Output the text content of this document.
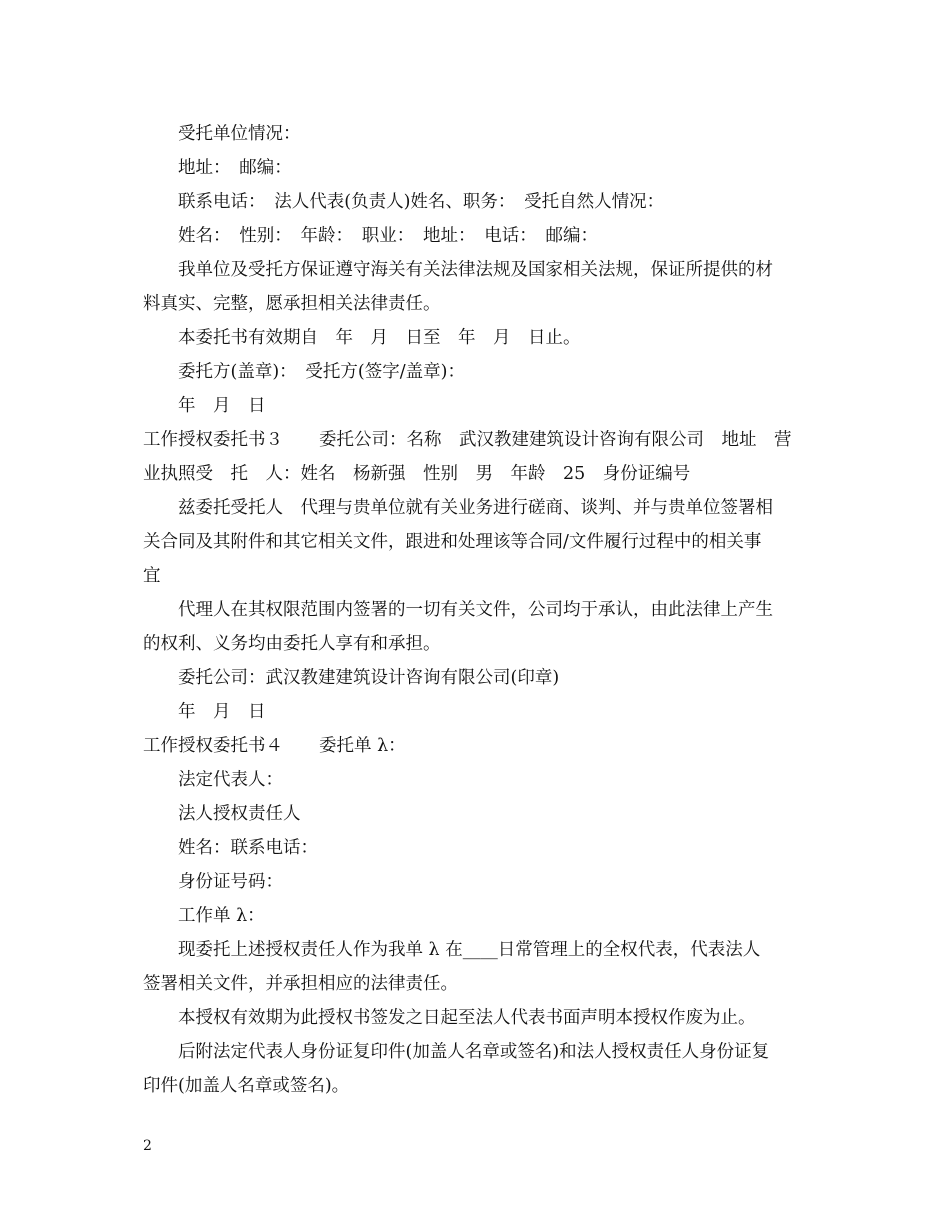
受托单位情况：
地址：　邮编：
联系电话：　法人代表(负责人)姓名、职务：　受托自然人情况：
姓名：　性别：　年龄：　职业：　地址：　电话：　邮编：
我单位及受托方保证遵守海关有关法律法规及国家相关法规，保证所提供的材
料真实、完整，愿承担相关法律责任。
本委托书有效期自　年　月　日至　年　月　日止。
委托方(盖章)：　受托方(签字/盖章)：
年　月　日
工作授权委托书３ 委托公司：名称　武汉教建建筑设计咨询有限公司　地址　营
业执照受　托　人：姓名　杨新强　性别　男　年龄　25　身份证编号
兹委托受托人　代理与贵单位就有关业务进行磋商、谈判、并与贵单位签署相
关合同及其附件和其它相关文件，跟进和处理该等合同/文件履行过程中的相关事
宜
代理人在其权限范围内签署的一切有关文件，公司均于承认，由此法律上产生
的权利、义务均由委托人享有和承担。
委托公司：武汉教建建筑设计咨询有限公司(印章)
年　月　日
工作授权委托书４ 委托单 λ：
法定代表人：
法人授权责任人
姓名：联系电话：
身份证号码：
工作单 λ：
现委托上述授权责任人作为我单 λ 在____日常管理上的全权代表，代表法人
签署相关文件，并承担相应的法律责任。
本授权有效期为此授权书签发之日起至法人代表书面声明本授权作废为止。
后附法定代表人身份证复印件(加盖人名章或签名)和法人授权责任人身份证复
印件(加盖人名章或签名)。
2
